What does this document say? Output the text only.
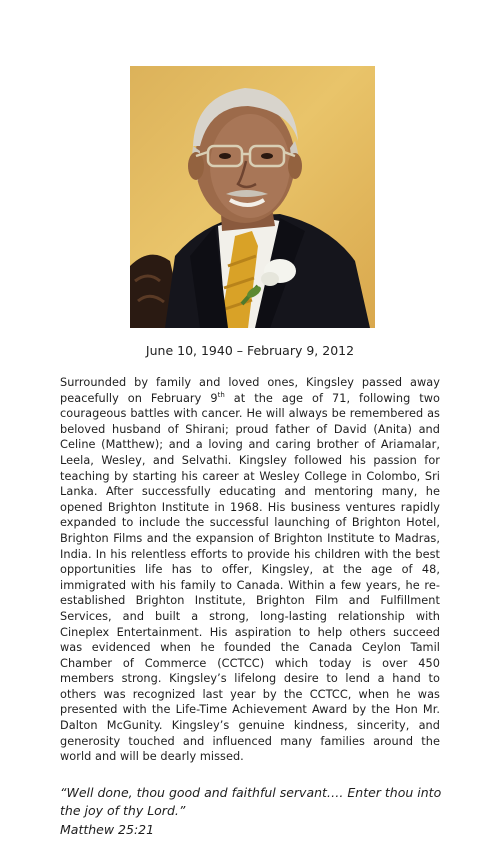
June 10, 1940 – February 9, 2012

Surrounded by family and loved ones, Kingsley passed away peacefully on February 9th at the age of 71, following two courageous battles with cancer. He will always be remembered as beloved husband of Shirani; proud father of David (Anita) and Celine (Matthew); and a loving and caring brother of Ariamalar, Leela, Wesley, and Selvathi. Kingsley followed his passion for teaching by starting his career at Wesley College in Colombo, Sri Lanka. After successfully educating and mentoring many, he opened Brighton Institute in 1968. His business ventures rapidly expanded to include the successful launching of Brighton Hotel, Brighton Films and the expansion of Brighton Institute to Madras, India. In his relentless efforts to provide his children with the best opportunities life has to offer, Kingsley, at the age of 48, immigrated with his family to Canada. Within a few years, he re-established Brighton Institute, Brighton Film and Fulfillment Services, and built a strong, long-lasting relationship with Cineplex Entertainment. His aspiration to help others succeed was evidenced when he founded the Canada Ceylon Tamil Chamber of Commerce (CCTCC) which today is over 450 members strong. Kingsley’s lifelong desire to lend a hand to others was recognized last year by the CCTCC, when he was presented with the Life-Time Achievement Award by the Hon Mr. Dalton McGunity. Kingsley’s genuine kindness, sincerity, and generosity touched and influenced many families around the world and will be dearly missed.

“Well done, thou good and faithful servant…. Enter thou into the joy of thy Lord.”
Matthew 25:21
